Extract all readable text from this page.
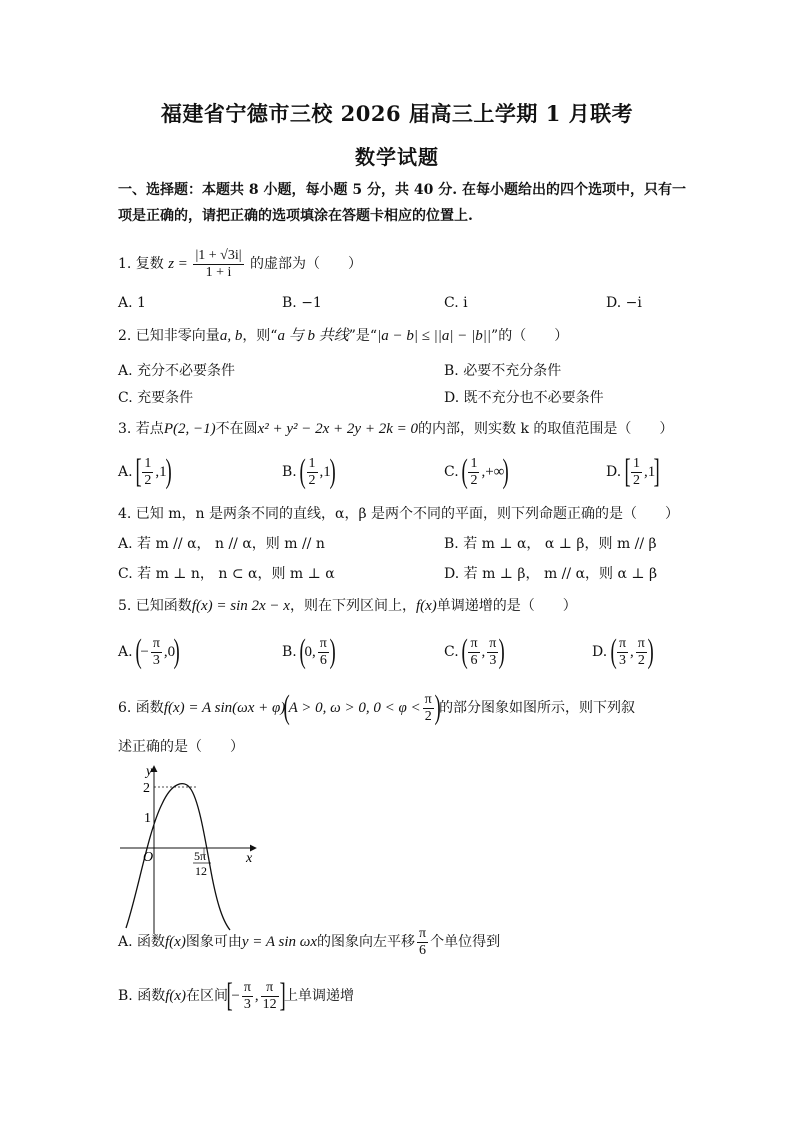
福建省宁德市三校 2026 届高三上学期 1 月联考
数学试题
一、选择题：本题共 8 小题，每小题 5 分，共 40 分. 在每小题给出的四个选项中，只有一
项是正确的，请把正确的选项填涂在答题卡相应的位置上.
1. 复数 $z = \frac{|1 + √3i|}{1 + i}$ 的虚部为（　　）
A. 1	B. −1	C. i	D. −i
2. 已知非零向量a, b，则“a 与 b 共线”是“|a − b| ≤ ||a| − |b||”的（　　）
A. 充分不必要条件	B. 必要不充分条件
C. 充要条件	D. 既不充分也不必要条件
3. 若点P(2, −1)不在圆x² + y² − 2x + 2y + 2k = 0的内部，则实数 k 的取值范围是（　　）
A. [ $\frac{1}{2} ,1$)	B. ( $\frac{1}{2} ,1$)	C. ( $\frac{1}{2}$ ,+∞)	D. [ $\frac{1}{2} ,1$]
4. 已知 m，n 是两条不同的直线，α，β 是两个不同的平面，则下列命题正确的是（　　）
A. 若 m // α， n // α，则 m // n	B. 若 m ⊥ α， α ⊥ β，则 m // β
C. 若 m ⊥ n， n ⊂ α，则 m ⊥ α	D. 若 m ⊥ β， m // α，则 α ⊥ β
5. 已知函数f(x) = sin 2x − x，则在下列区间上，f(x)单调递增的是（　　）
A. (− $\frac{\pi}{3} ,0$)	B. (0, $\frac{\pi}{6}$ )	C. ( $\frac{\pi}{6}$ , $\frac{\pi}{3}$ )	D. ( $\frac{\pi}{3}$ , $\frac{\pi}{2}$ )
6. 函数f(x) = A sin(ωx + φ)(A > 0, ω > 0, $0 < \varphi < \frac{\pi}{2}$ )的部分图象如图所示，则下列叙
述正确的是（　　）
y
x
O
2
1
5π
12
A. 函数f(x)图象可由y = A sin ωx的图象向左平移 $\frac{\pi}{6}$ 个单位得到
B. 函数f(x)在区间[− $\frac{\pi}{3}$ , $\frac{\pi}{12}$ ]上单调递增
